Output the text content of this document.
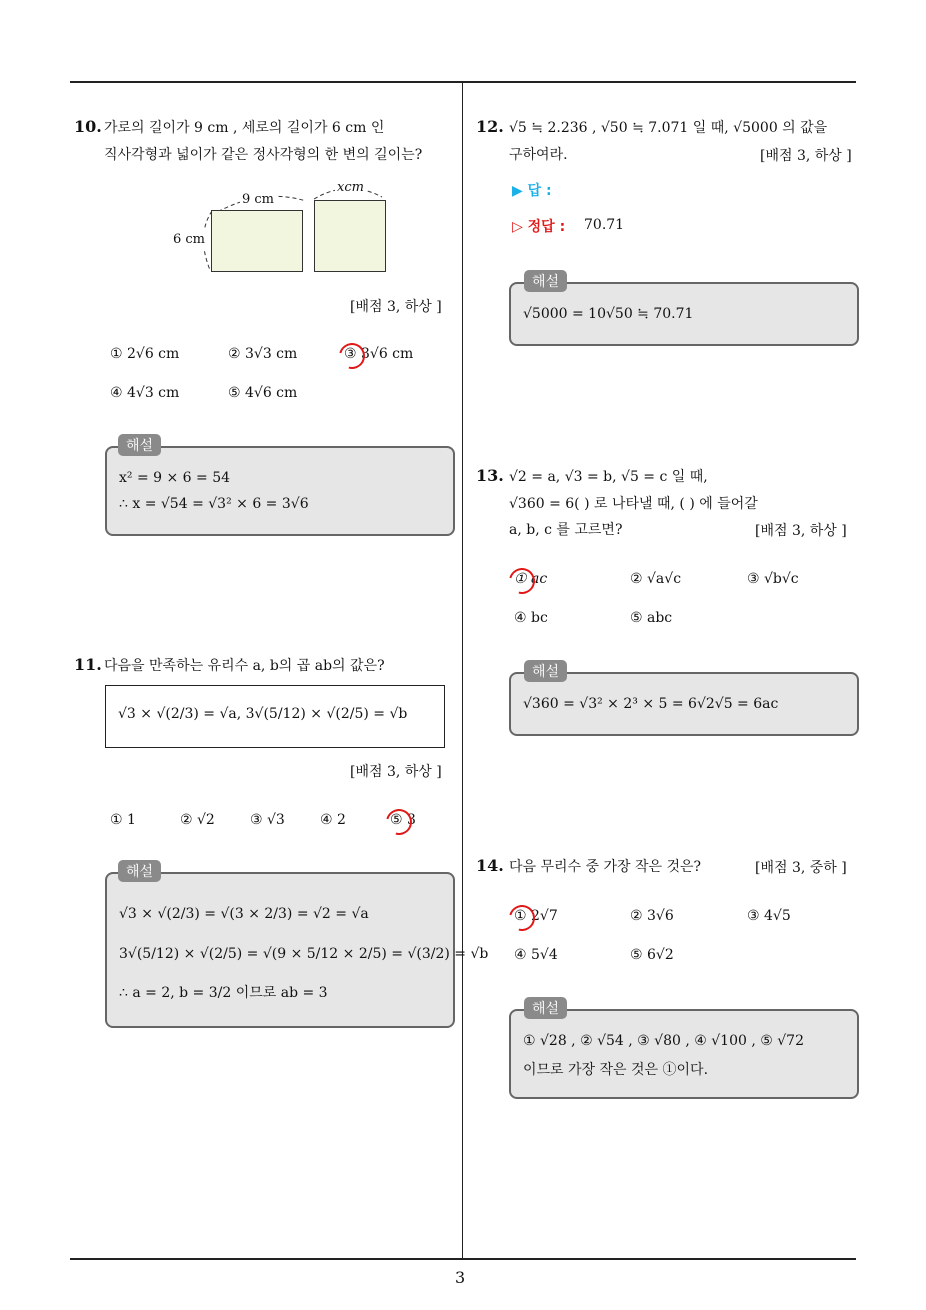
3
10. 가로의 길이가 9 cm , 세로의 길이가 6 cm 인
직사각형과 넓이가 같은 정사각형의 한 변의 길이는?
9 cm
6 cm
xcm
[배점 3, 하상 ]
① 2√6 cm	② 3√3 cm	③ 3√6 cm
④ 4√3 cm	⑤ 4√6 cm
x² = 9 × 6 = 54
∴ x = √54 = √3² × 6 = 3√6
해설
11. 다음을 만족하는 유리수 a, b의 곱 ab의 값은?
√3 × √(2/3) = √a, 3√(5/12) × √(2/5) = √b
[배점 3, 하상 ]
① 1	② √2	③ √3	④ 2	⑤ 3
√3 × √(2/3) = √(3 × 2/3) = √2 = √a
3√(5/12) × √(2/5) = √(9 × 5/12 × 2/5) = √(3/2) = √b
∴ a = 2, b = 3/2 이므로 ab = 3
해설
12. √5 ≒ 2.236 , √50 ≒ 7.071 일 때, √5000 의 값을
구하여라.	[배점 3, 하상 ]
▶ 답 :
▷ 정답 : 70.71
√5000 = 10√50 ≒ 70.71
해설
13. √2 = a, √3 = b, √5 = c 일 때,
√360 = 6( ) 로 나타낼 때, ( ) 에 들어갈
a, b, c 를 고르면?	[배점 3, 하상 ]
① ac	② √a√c	③ √b√c
④ bc	⑤ abc
√360 = √3² × 2³ × 5 = 6√2√5 = 6ac
해설
14. 다음 무리수 중 가장 작은 것은?	[배점 3, 중하 ]
① 2√7	② 3√6	③ 4√5
④ 5√4	⑤ 6√2
① √28 , ② √54 , ③ √80 , ④ √100 , ⑤ √72
이므로 가장 작은 것은 ①이다.
해설
